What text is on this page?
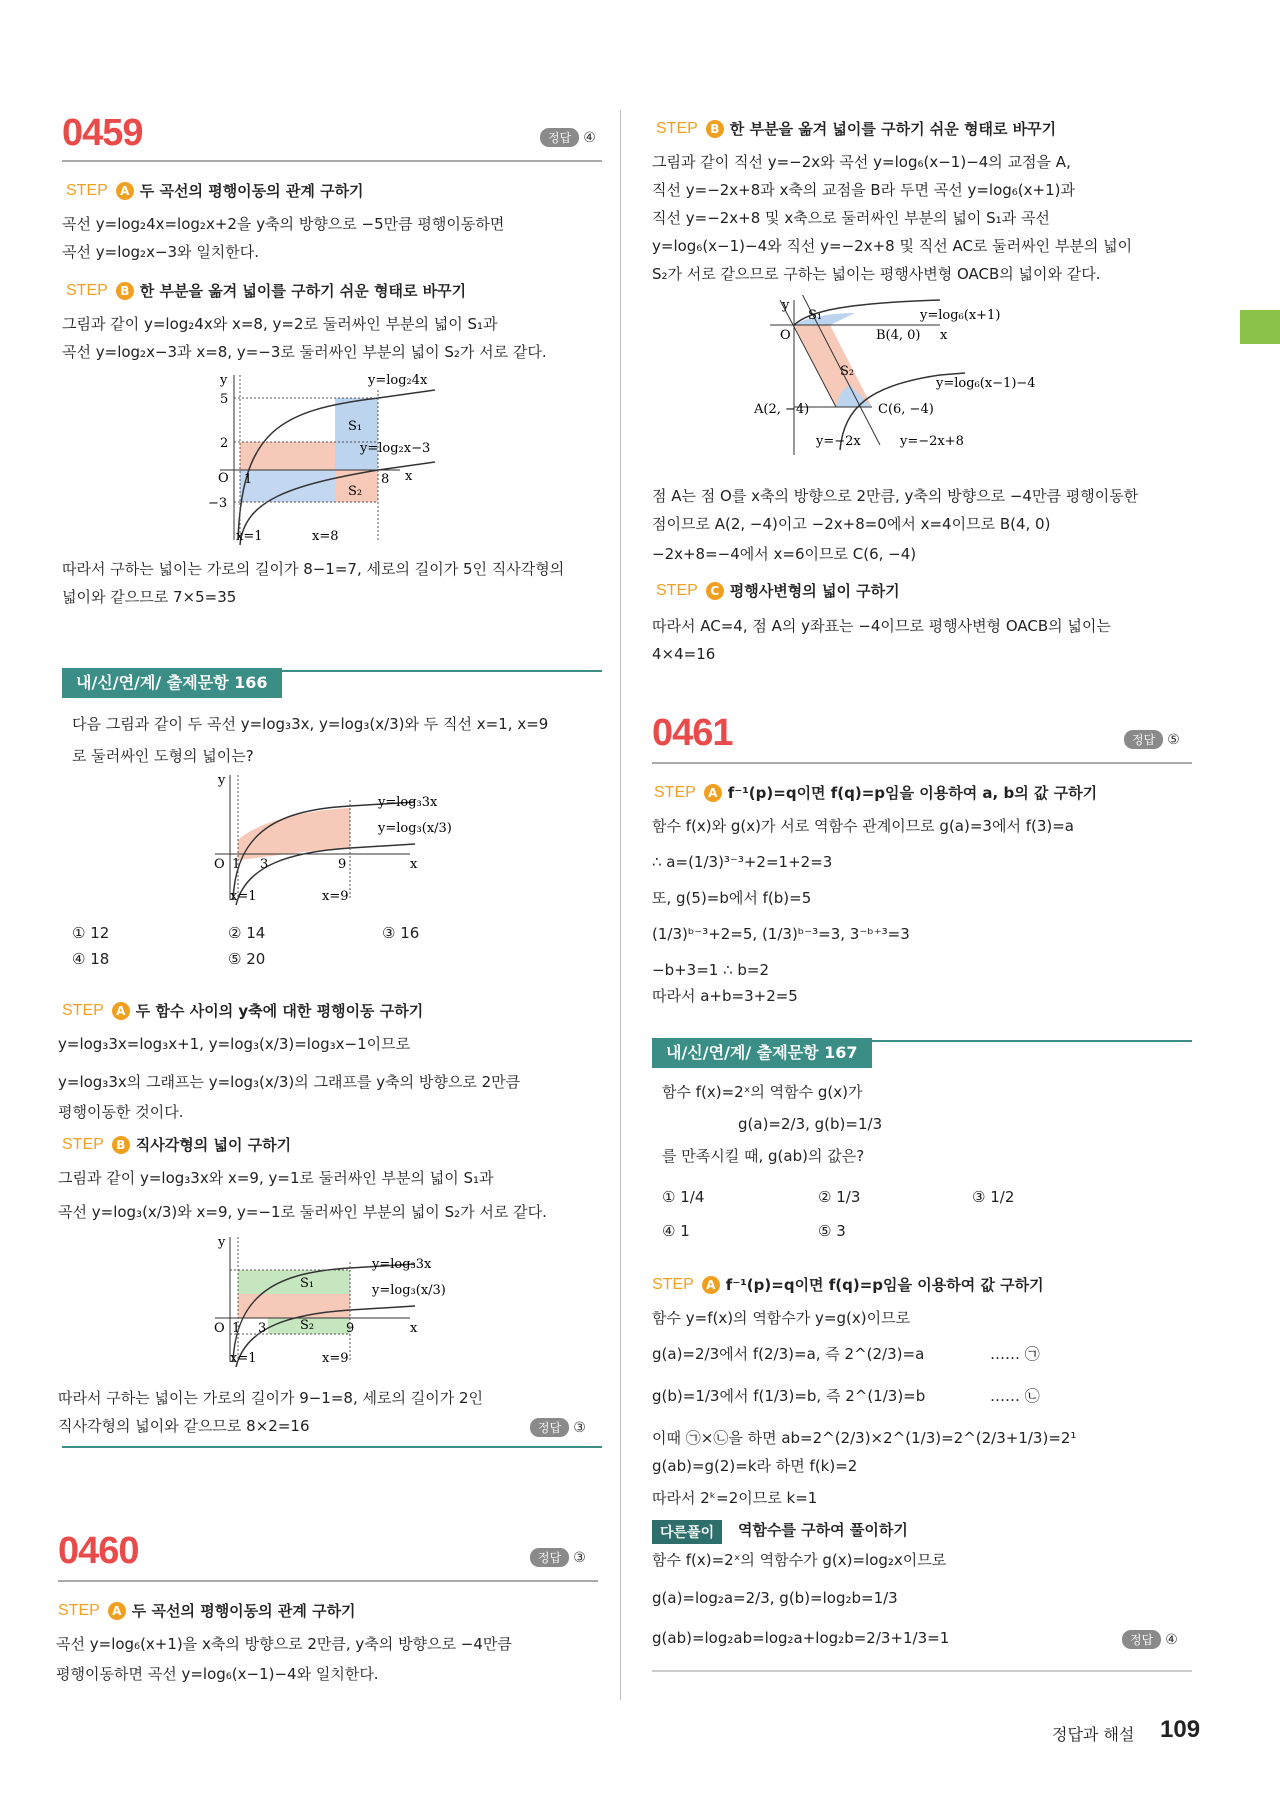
0459	정답 ④
STEP	A 두 곡선의 평행이동의 관계 구하기
곡선 y=log₂4x=log₂x+2을 y축의 방향으로 −5만큼 평행이동하면
곡선 y=log₂x−3와 일치한다.
STEP	B 한 부분을 옮겨 넓이를 구하기 쉬운 형태로 바꾸기
그림과 같이 y=log₂4x와 x=8, y=2로 둘러싸인 부분의 넓이 S₁과
곡선 y=log₂x−3과 x=8, y=−3로 둘러싸인 부분의 넓이 S₂가 서로 같다.
y
x
O
5
2
−3
1	8
S₁
S₂
y=log₂4x
y=log₂x−3
x=1	x=8
따라서 구하는 넓이는 가로의 길이가 8−1=7, 세로의 길이가 5인 직사각형의
넓이와 같으므로 7×5=35
내/신/연/계/ 출제문항 166
다음 그림과 같이 두 곡선 y=log₃3x, y=log₃(x/3)와 두 직선 x=1, x=9
로 둘러싸인 도형의 넓이는?
y
x
O 1 3	9
y=log₃3x
y=log₃(x/3)
x=1	x=9
① 12	② 14	③ 16
④ 18	⑤ 20
STEP	A 두 함수 사이의 y축에 대한 평행이동 구하기
y=log₃3x=log₃x+1, y=log₃(x/3)=log₃x−1이므로
y=log₃3x의 그래프는 y=log₃(x/3)의 그래프를 y축의 방향으로 2만큼
평행이동한 것이다.
STEP	B 직사각형의 넓이 구하기
그림과 같이 y=log₃3x와 x=9, y=1로 둘러싸인 부분의 넓이 S₁과
곡선 y=log₃(x/3)와 x=9, y=−1로 둘러싸인 부분의 넓이 S₂가 서로 같다.
y
x
O 1 3	9
S₁
S₂
y=log₃3x
y=log₃(x/3)
x=1	x=9
따라서 구하는 넓이는 가로의 길이가 9−1=8, 세로의 길이가 2인
직사각형의 넓이와 같으므로 8×2=16	정답 ③
0460	정답 ③
STEP	A 두 곡선의 평행이동의 관계 구하기
곡선 y=log₆(x+1)을 x축의 방향으로 2만큼, y축의 방향으로 −4만큼
평행이동하면 곡선 y=log₆(x−1)−4와 일치한다.
STEP	B 한 부분을 옮겨 넓이를 구하기 쉬운 형태로 바꾸기
그림과 같이 직선 y=−2x와 곡선 y=log₆(x−1)−4의 교점을 A,
직선 y=−2x+8과 x축의 교점을 B라 두면 곡선 y=log₆(x+1)과
직선 y=−2x+8 및 x축으로 둘러싸인 부분의 넓이 S₁과 곡선
y=log₆(x−1)−4와 직선 y=−2x+8 및 직선 AC로 둘러싸인 부분의 넓이
S₂가 서로 같으므로 구하는 넓이는 평행사변형 OACB의 넓이와 같다.
y
x
O
S₁
S₂
B(4, 0)
A(2, −4)	C(6, −4)
y=log₆(x+1)
y=log₆(x−1)−4
y=−2x	y=−2x+8
점 A는 점 O를 x축의 방향으로 2만큼, y축의 방향으로 −4만큼 평행이동한
점이므로 A(2, −4)이고 −2x+8=0에서 x=4이므로 B(4, 0)
−2x+8=−4에서 x=6이므로 C(6, −4)
STEP	C 평행사변형의 넓이 구하기
따라서 AC=4, 점 A의 y좌표는 −4이므로 평행사변형 OACB의 넓이는
4×4=16
0461	정답 ⑤
STEP	A f⁻¹(p)=q이면 f(q)=p임을 이용하여 a, b의 값 구하기
함수 f(x)와 g(x)가 서로 역함수 관계이므로 g(a)=3에서 f(3)=a
∴ a=(1/3)³⁻³+2=1+2=3
또, g(5)=b에서 f(b)=5
(1/3)ᵇ⁻³+2=5, (1/3)ᵇ⁻³=3, 3⁻ᵇ⁺³=3
−b+3=1 ∴ b=2
따라서 a+b=3+2=5
내/신/연/계/ 출제문항 167
함수 f(x)=2ˣ의 역함수 g(x)가
g(a)=2/3, g(b)=1/3
를 만족시킬 때, g(ab)의 값은?
① 1/4	② 1/3	③ 1/2
④ 1	⑤ 3
STEP	A f⁻¹(p)=q이면 f(q)=p임을 이용하여 값 구하기
함수 y=f(x)의 역함수가 y=g(x)이므로
g(a)=2/3에서 f(2/3)=a, 즉 2^(2/3)=a	…… ㉠
g(b)=1/3에서 f(1/3)=b, 즉 2^(1/3)=b	…… ㉡
이때 ㉠×㉡을 하면 ab=2^(2/3)×2^(1/3)=2^(2/3+1/3)=2¹
g(ab)=g(2)=k라 하면 f(k)=2
따라서 2ᵏ=2이므로 k=1
다른풀이	역함수를 구하여 풀이하기
함수 f(x)=2ˣ의 역함수가 g(x)=log₂x이므로
g(a)=log₂a=2/3, g(b)=log₂b=1/3
g(ab)=log₂ab=log₂a+log₂b=2/3+1/3=1	정답 ④
정답과 해설 109
